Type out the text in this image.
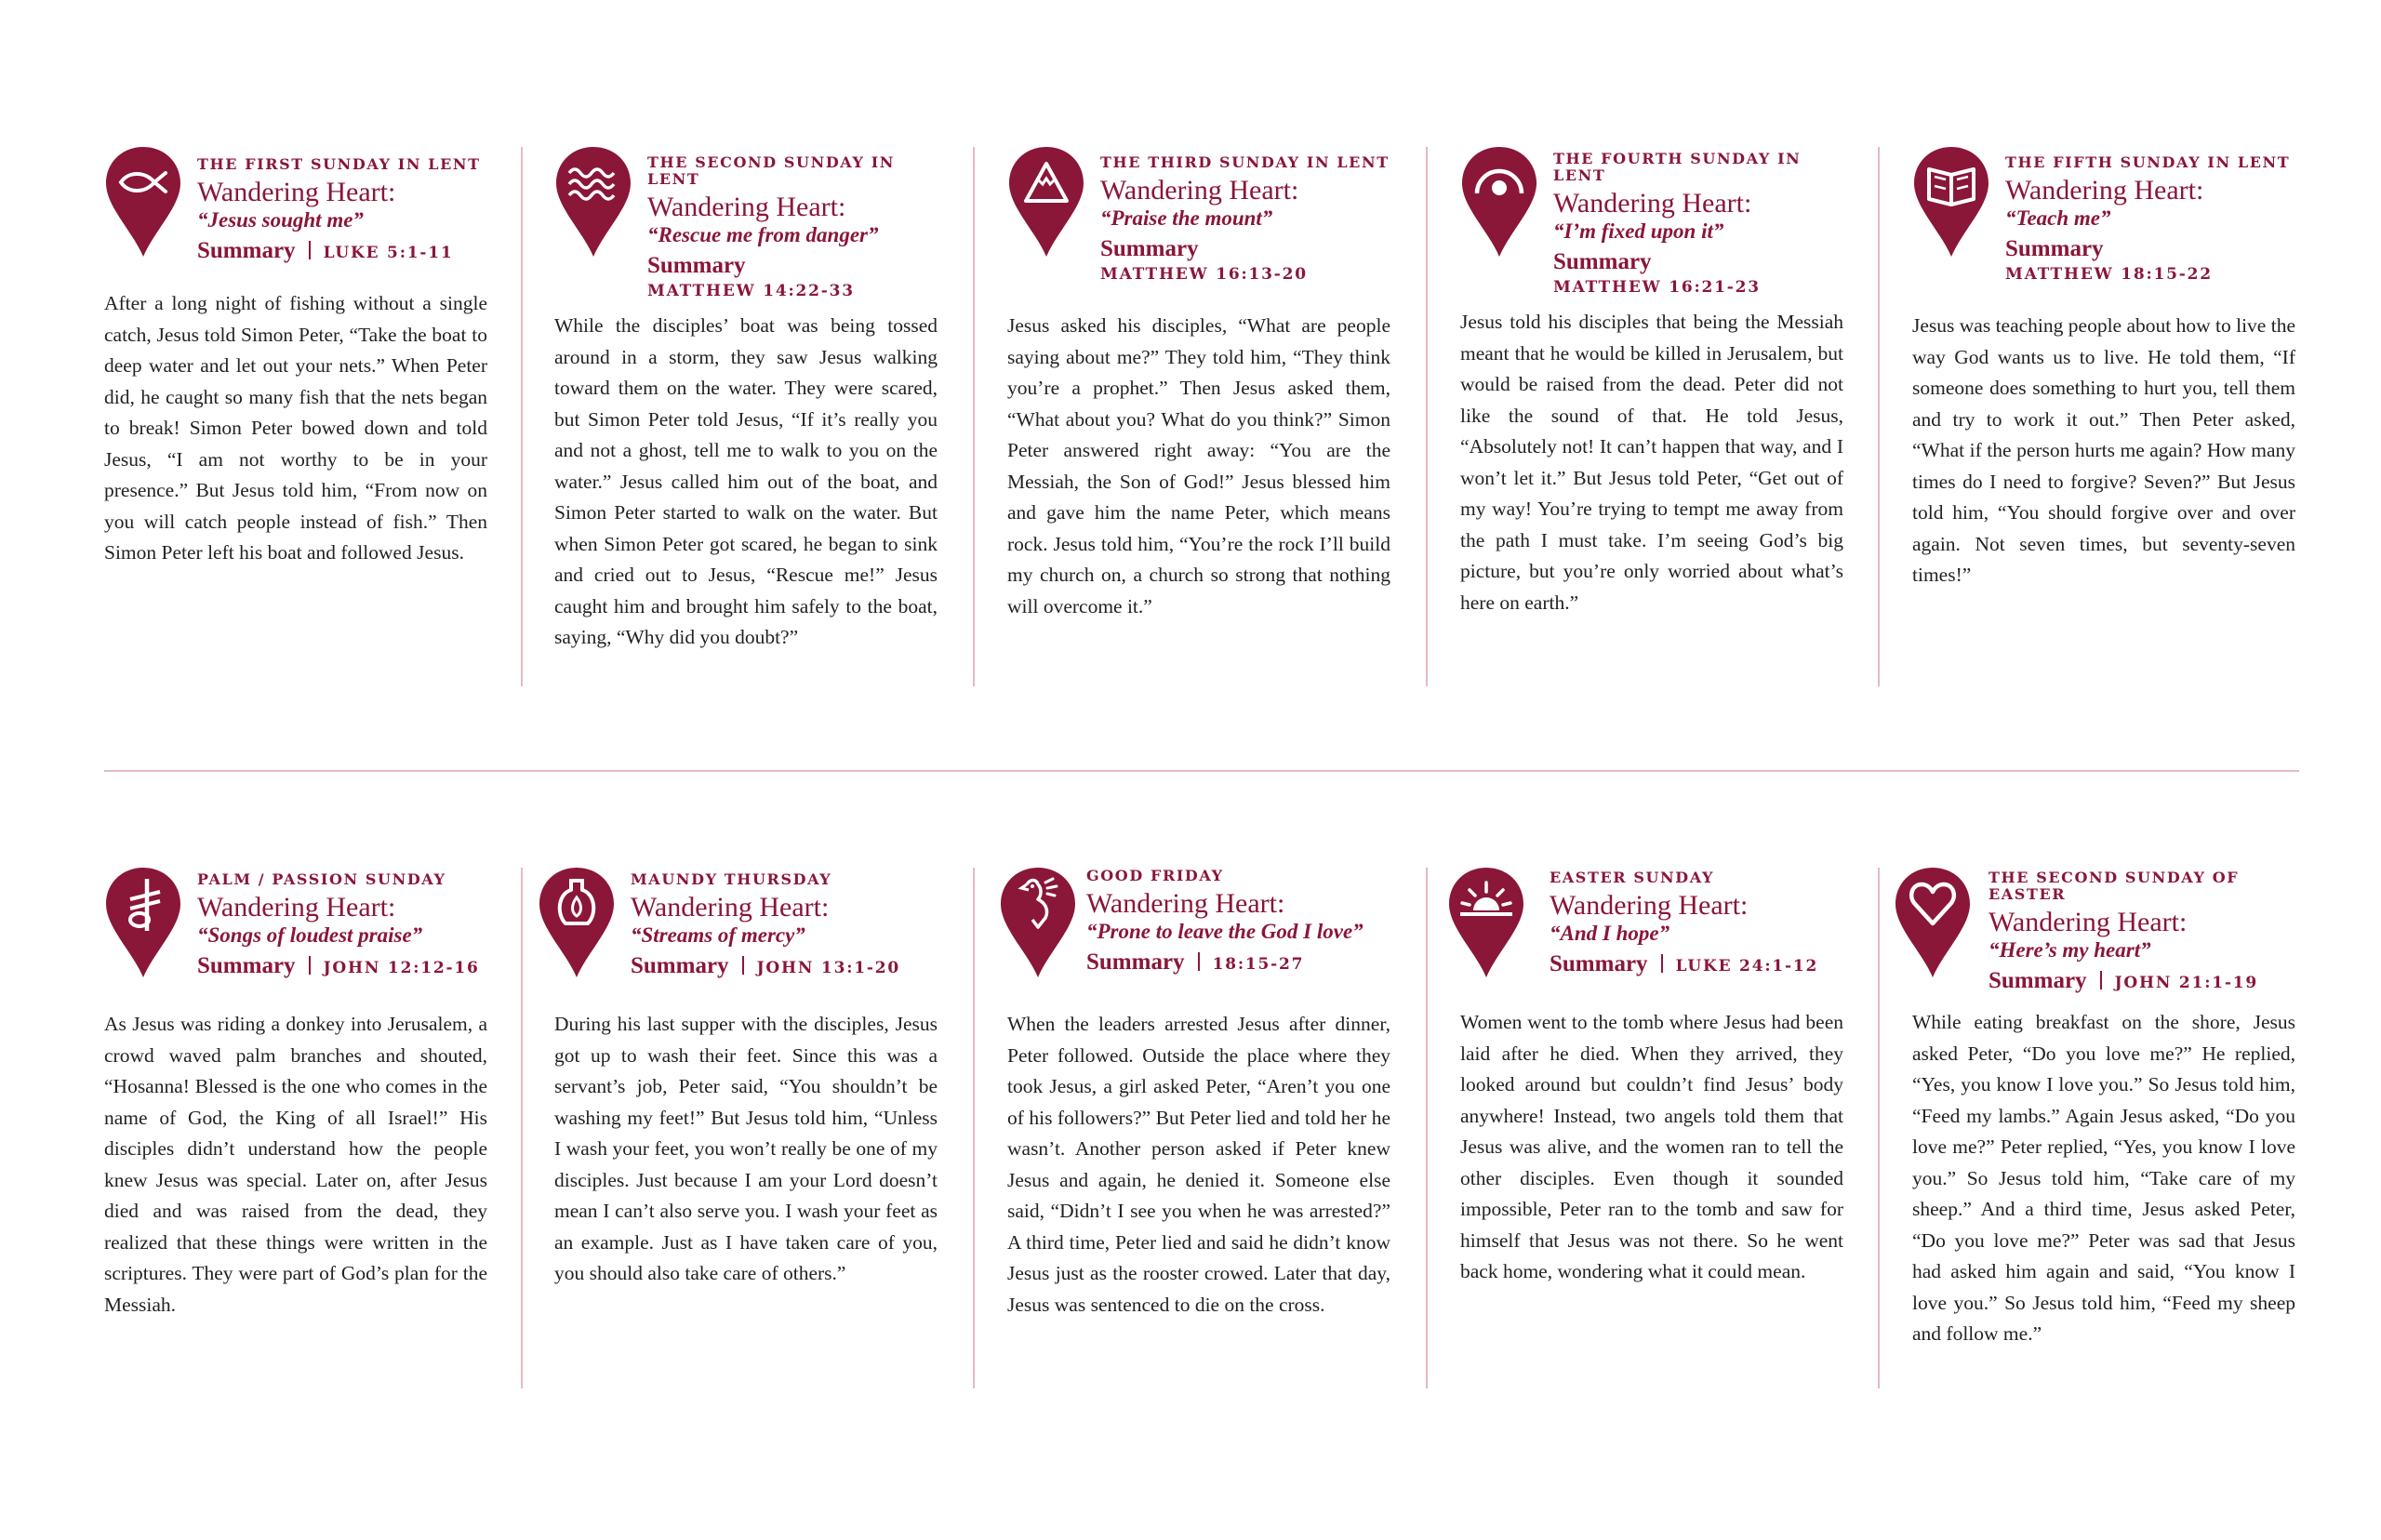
THE FIRST SUNDAY IN LENT
Wandering Heart:
“Jesus sought me”
Summary LUKE 5:1-11

After a long night of fishing without a single catch, Jesus told Simon Peter, “Take the boat to deep water and let out your nets.” When Peter did, he caught so many fish that the nets began to break! Simon Peter bowed down and told Jesus, “I am not worthy to be in your presence.” But Jesus told him, “From now on you will catch people instead of fish.” Then Simon Peter left his boat and followed Jesus.

THE SECOND SUNDAY IN LENT
Wandering Heart:
“Rescue me from danger”
Summary
MATTHEW 14:22-33

While the disciples’ boat was being tossed around in a storm, they saw Jesus walking toward them on the water. They were scared, but Simon Peter told Jesus, “If it’s really you and not a ghost, tell me to walk to you on the water.” Jesus called him out of the boat, and Simon Peter started to walk on the water. But when Simon Peter got scared, he began to sink and cried out to Jesus, “Rescue me!” Jesus caught him and brought him safely to the boat, saying, “Why did you doubt?”

THE THIRD SUNDAY IN LENT
Wandering Heart:
“Praise the mount”
Summary
MATTHEW 16:13-20

Jesus asked his disciples, “What are people saying about me?” They told him, “They think you’re a prophet.” Then Jesus asked them, “What about you? What do you think?” Simon Peter answered right away: “You are the Messiah, the Son of God!” Jesus blessed him and gave him the name Peter, which means rock. Jesus told him, “You’re the rock I’ll build my church on, a church so strong that nothing will overcome it.”

THE FOURTH SUNDAY IN LENT
Wandering Heart:
“I’m fixed upon it”
Summary
MATTHEW 16:21-23

Jesus told his disciples that being the Messiah meant that he would be killed in Jerusalem, but would be raised from the dead. Peter did not like the sound of that. He told Jesus, “Absolutely not! It can’t happen that way, and I won’t let it.” But Jesus told Peter, “Get out of my way! You’re trying to tempt me away from the path I must take. I’m seeing God’s big picture, but you’re only worried about what’s here on earth.”

THE FIFTH SUNDAY IN LENT
Wandering Heart:
“Teach me”
Summary
MATTHEW 18:15-22

Jesus was teaching people about how to live the way God wants us to live. He told them, “If someone does something to hurt you, tell them and try to work it out.” Then Peter asked, “What if the person hurts me again? How many times do I need to forgive? Seven?” But Jesus told him, “You should forgive over and over again. Not seven times, but seventy-seven times!”

PALM / PASSION SUNDAY
Wandering Heart:
“Songs of loudest praise”
Summary JOHN 12:12-16

As Jesus was riding a donkey into Jerusalem, a crowd waved palm branches and shouted, “Hosanna! Blessed is the one who comes in the name of God, the King of all Israel!” His disciples didn’t understand how the people knew Jesus was special. Later on, after Jesus died and was raised from the dead, they realized that these things were written in the scriptures. They were part of God’s plan for the Messiah.

MAUNDY THURSDAY
Wandering Heart:
“Streams of mercy”
Summary JOHN 13:1-20

During his last supper with the disciples, Jesus got up to wash their feet. Since this was a servant’s job, Peter said, “You shouldn’t be washing my feet!” But Jesus told him, “Unless I wash your feet, you won’t really be one of my disciples. Just because I am your Lord doesn’t mean I can’t also serve you. I wash your feet as an example. Just as I have taken care of you, you should also take care of others.”

GOOD FRIDAY
Wandering Heart:
“Prone to leave the God I love”
Summary 18:15-27

When the leaders arrested Jesus after dinner, Peter followed. Outside the place where they took Jesus, a girl asked Peter, “Aren’t you one of his followers?” But Peter lied and told her he wasn’t. Another person asked if Peter knew Jesus and again, he denied it. Someone else said, “Didn’t I see you when he was arrested?” A third time, Peter lied and said he didn’t know Jesus just as the rooster crowed. Later that day, Jesus was sentenced to die on the cross.

EASTER SUNDAY
Wandering Heart:
“And I hope”
Summary LUKE 24:1-12

Women went to the tomb where Jesus had been laid after he died. When they arrived, they looked around but couldn’t find Jesus’ body anywhere! Instead, two angels told them that Jesus was alive, and the women ran to tell the other disciples. Even though it sounded impossible, Peter ran to the tomb and saw for himself that Jesus was not there. So he went back home, wondering what it could mean.

THE SECOND SUNDAY OF EASTER
Wandering Heart:
“Here’s my heart”
Summary JOHN 21:1-19

While eating breakfast on the shore, Jesus asked Peter, “Do you love me?” He replied, “Yes, you know I love you.” So Jesus told him, “Feed my lambs.” Again Jesus asked, “Do you love me?” Peter replied, “Yes, you know I love you.” So Jesus told him, “Take care of my sheep.” And a third time, Jesus asked Peter, “Do you love me?” Peter was sad that Jesus had asked him again and said, “You know I love you.” So Jesus told him, “Feed my sheep and follow me.”
